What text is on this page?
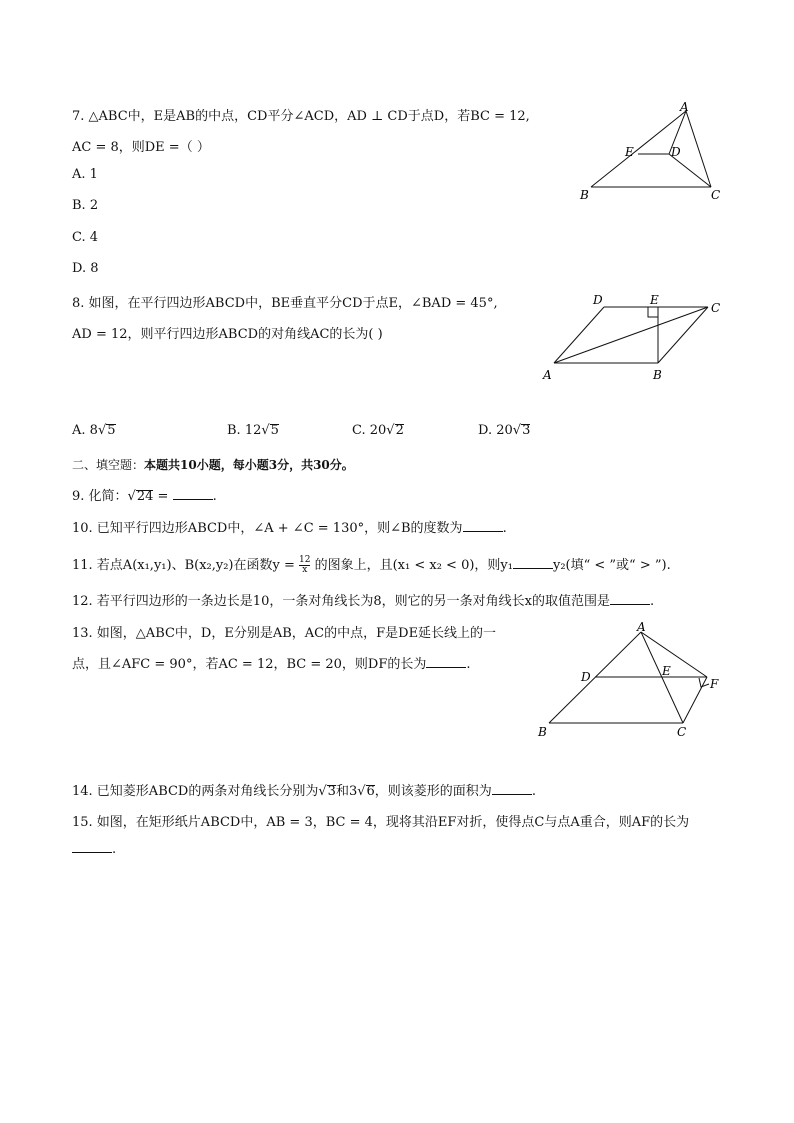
7. △ABC中，E是AB的中点，CD平分∠ACD，AD ⊥ CD于点D，若BC = 12,
AC = 8，则DE =（ ）
A. 1
B. 2
C. 4
D. 8
A
B	C
D
E
8. 如图，在平行四边形ABCD中，BE垂直平分CD于点E，∠BAD = 45°,
AD = 12，则平行四边形ABCD的对角线AC的长为( )
A	B
C
D	E
A. 8√5	B. 12√5	C. 20√2	D. 20√3
二、填空题：本题共10小题，每小题3分，共30分。
9. 化简：√24 =	.
10. 已知平行四边形ABCD中，∠A + ∠C = 130°，则∠B的度数为	.
11. 若点A(x₁,y₁)、B(x₂,y₂)在函数$y = \frac{12}{x}$ 的图象上，且(x₁ < x₂ < 0)，则y₁	y₂(填“ < ”或“ > ”).
12. 若平行四边形的一条边长是10，一条对角线长为8，则它的另一条对角线长x的取值范围是	.
13. 如图，△ABC中，D，E分别是AB，AC的中点，F是DE延长线上的一
点，且∠AFC = 90°，若AC = 12，BC = 20，则DF的长为	.
A
B	C
D	E
F
14. 已知菱形ABCD的两条对角线长分别为√3和3√6，则该菱形的面积为	.
15. 如图，在矩形纸片ABCD中，AB = 3，BC = 4，现将其沿EF对折，使得点C与点A重合，则AF的长为
.
